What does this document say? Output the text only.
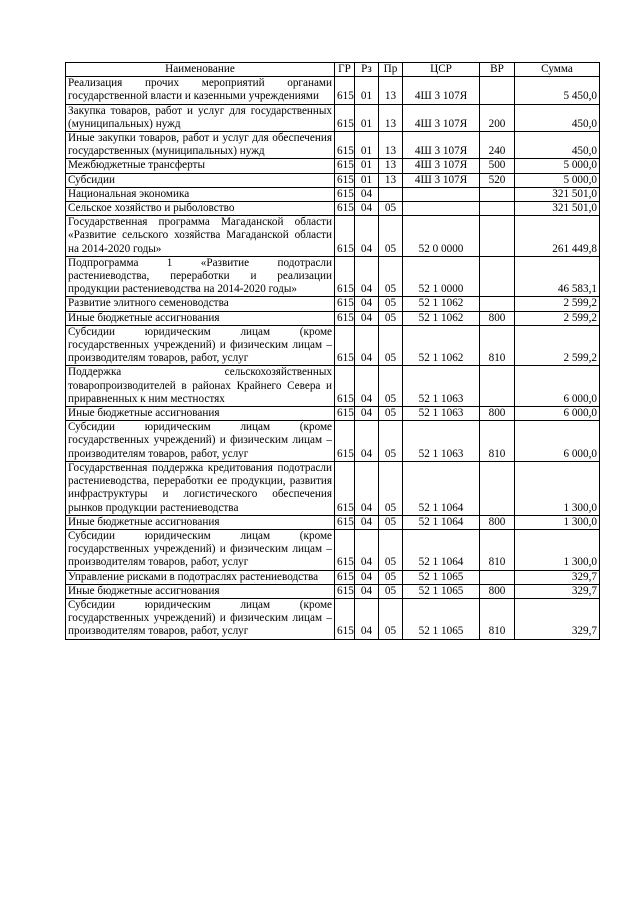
Наименование	ГР	Рз	Пр	ЦСР	ВР	Сумма
Реализация прочих мероприятий органами государственной власти и казенными учреждениями	615	01	13	4Ш 3 107Я		5 450,0
Закупка товаров, работ и услуг для государственных (муниципальных) нужд	615	01	13	4Ш 3 107Я	200	450,0
Иные закупки товаров, работ и услуг для обеспечения государственных (муниципальных) нужд	615	01	13	4Ш 3 107Я	240	450,0
Межбюджетные трансферты	615	01	13	4Ш 3 107Я	500	5 000,0
Субсидии	615	01	13	4Ш 3 107Я	520	5 000,0
Национальная экономика	615	04				321 501,0
Сельское хозяйство и рыболовство	615	04	05			321 501,0
Государственная программа Магаданской области «Развитие сельского хозяйства Магаданской области на 2014-2020 годы»	615	04	05	52 0 0000		261 449,8
Подпрограмма 1 «Развитие подотрасли растениеводства, переработки и реализации продукции растениеводства на 2014-2020 годы»	615	04	05	52 1 0000		46 583,1
Развитие элитного семеноводства	615	04	05	52 1 1062		2 599,2
Иные бюджетные ассигнования	615	04	05	52 1 1062	800	2 599,2
Субсидии юридическим лицам (кроме государственных учреждений) и физическим лицам – производителям товаров, работ, услуг	615	04	05	52 1 1062	810	2 599,2
Поддержка сельскохозяйственных товаропроизводителей в районах Крайнего Севера и приравненных к ним местностях	615	04	05	52 1 1063		6 000,0
Иные бюджетные ассигнования	615	04	05	52 1 1063	800	6 000,0
Субсидии юридическим лицам (кроме государственных учреждений) и физическим лицам – производителям товаров, работ, услуг	615	04	05	52 1 1063	810	6 000,0
Государственная поддержка кредитования подотрасли растениеводства, переработки ее продукции, развития инфраструктуры и логистического обеспечения рынков продукции растениеводства	615	04	05	52 1 1064		1 300,0
Иные бюджетные ассигнования	615	04	05	52 1 1064	800	1 300,0
Субсидии юридическим лицам (кроме государственных учреждений) и физическим лицам – производителям товаров, работ, услуг	615	04	05	52 1 1064	810	1 300,0
Управление рисками в подотраслях растениеводства	615	04	05	52 1 1065		329,7
Иные бюджетные ассигнования	615	04	05	52 1 1065	800	329,7
Субсидии юридическим лицам (кроме государственных учреждений) и физическим лицам – производителям товаров, работ, услуг	615	04	05	52 1 1065	810	329,7
